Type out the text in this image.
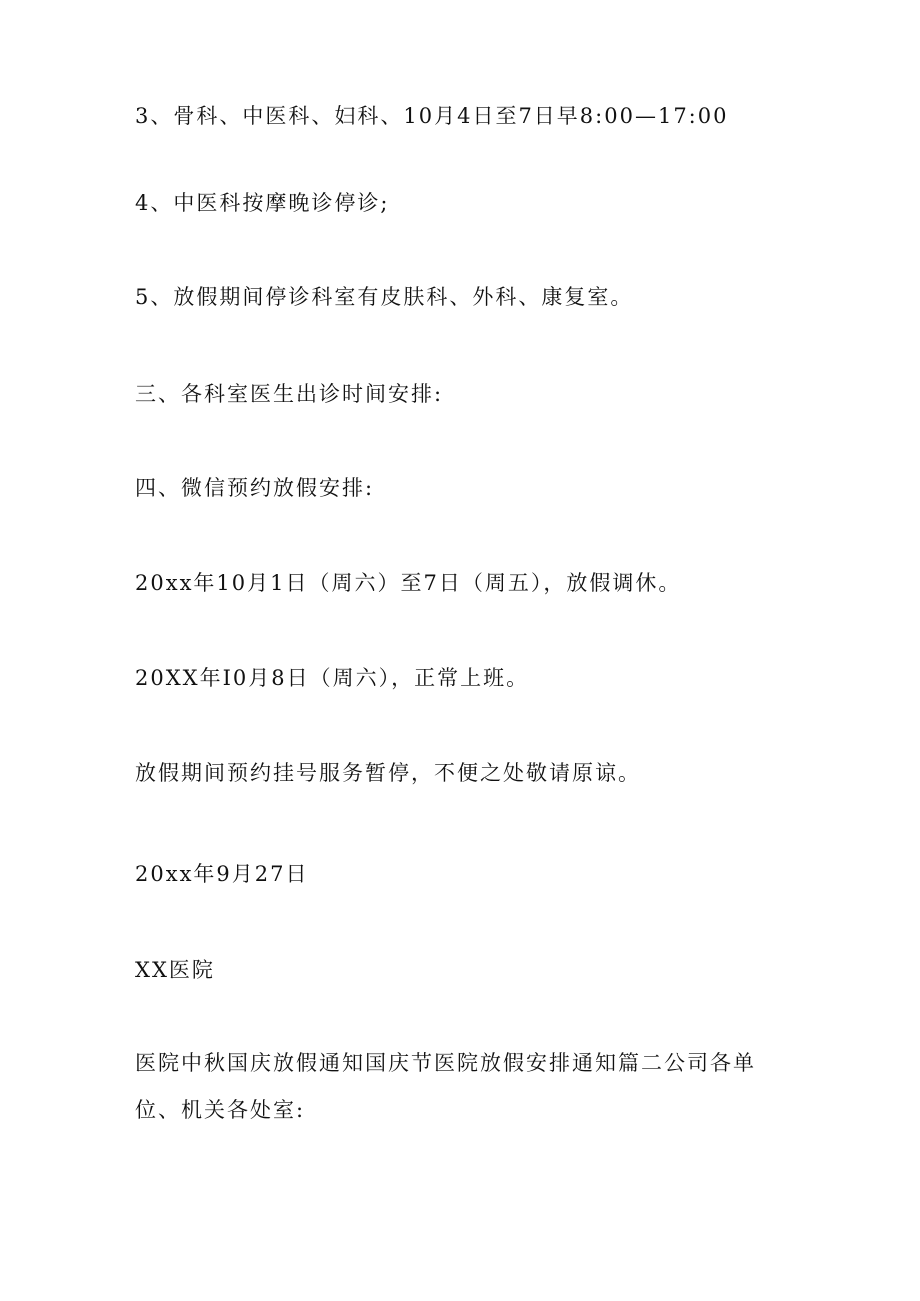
3、骨科、中医科、妇科、10月4日至7日早8:00—17:00
4、中医科按摩晚诊停诊;
5、放假期间停诊科室有皮肤科、外科、康复室。
三、各科室医生出诊时间安排:
四、微信预约放假安排:
20xx年10月1日（周六）至7日（周五），放假调休。
20XX年I0月8日（周六），正常上班。
放假期间预约挂号服务暂停，不便之处敬请原谅。
20xx年9月27日
XX医院
医院中秋国庆放假通知国庆节医院放假安排通知篇二公司各单
位、机关各处室:
